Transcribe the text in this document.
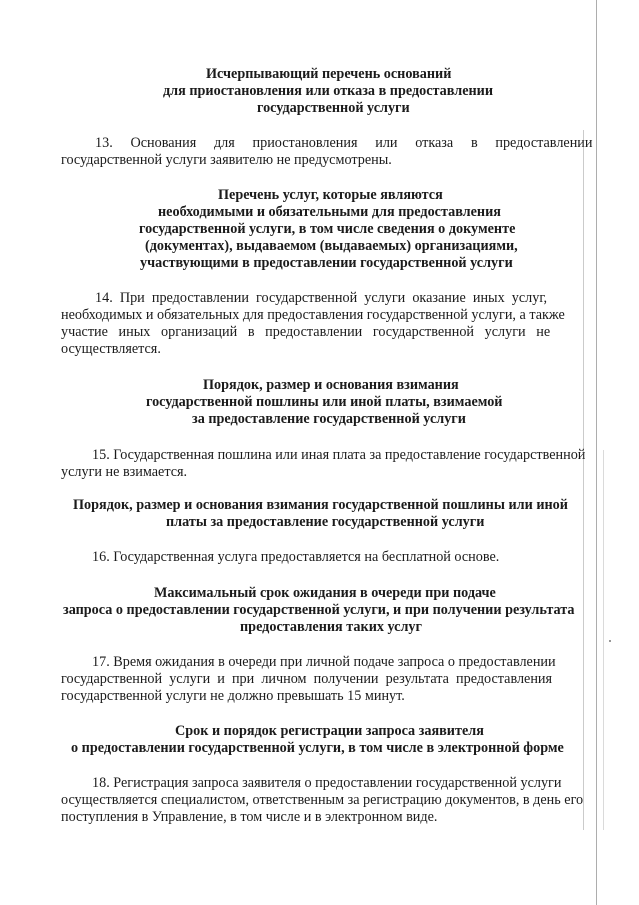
Исчерпывающий перечень оснований
для приостановления или отказа в предоставлении
государственной услуги
13.     Основания     для     приостановления     или     отказа     в     предоставлении
государственной услуги заявителю не предусмотрены.
Перечень услуг, которые являются
необходимыми и обязательными для предоставления
государственной услуги, в том числе сведения о документе
(документах), выдаваемом (выдаваемых) организациями,
участвующими в предоставлении государственной услуги
14.  При  предоставлении  государственной  услуги  оказание  иных  услуг,
необходимых и обязательных для предоставления государственной услуги, а также
участие   иных   организаций   в   предоставлении   государственной   услуги   не
осуществляется.
Порядок, размер и основания взимания
государственной пошлины или иной платы, взимаемой
за предоставление государственной услуги
15. Государственная пошлина или иная плата за предоставление государственной
услуги не взимается.
Порядок, размер и основания взимания государственной пошлины или иной
платы за предоставление государственной услуги
16. Государственная услуга предоставляется на бесплатной основе.
Максимальный срок ожидания в очереди при подаче
запроса о предоставлении государственной услуги, и при получении результата
предоставления таких услуг
17. Время ожидания в очереди при личной подаче запроса о предоставлении
государственной  услуги  и  при  личном  получении  результата  предоставления
государственной услуги не должно превышать 15 минут.
Срок и порядок регистрации запроса заявителя
о предоставлении государственной услуги, в том числе в электронной форме
18. Регистрация запроса заявителя о предоставлении государственной услуги
осуществляется специалистом, ответственным за регистрацию документов, в день его
поступления в Управление, в том числе и в электронном виде.
